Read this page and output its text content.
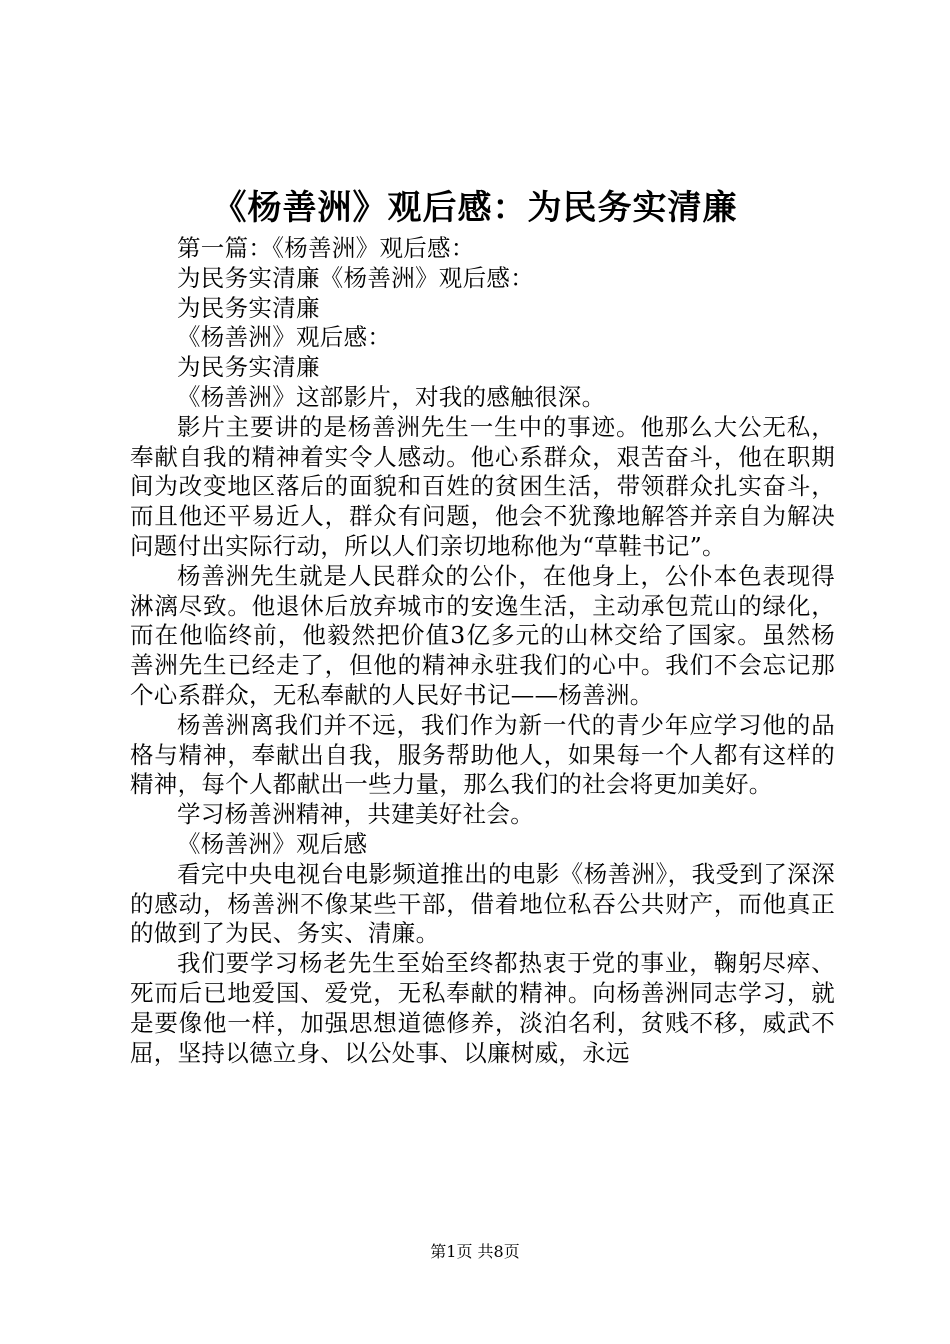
《杨善洲》观后感：为民务实清廉

第一篇：《杨善洲》观后感：

为民务实清廉《杨善洲》观后感：

为民务实清廉

《杨善洲》观后感：

为民务实清廉

《杨善洲》这部影片，对我的感触很深。

影片主要讲的是杨善洲先生一生中的事迹。他那么大公无私，奉献自我的精神着实令人感动。他心系群众，艰苦奋斗，他在职期间为改变地区落后的面貌和百姓的贫困生活，带领群众扎实奋斗，而且他还平易近人，群众有问题，他会不犹豫地解答并亲自为解决问题付出实际行动，所以人们亲切地称他为“草鞋书记”。

杨善洲先生就是人民群众的公仆，在他身上，公仆本色表现得淋漓尽致。他退休后放弃城市的安逸生活，主动承包荒山的绿化，而在他临终前，他毅然把价值3亿多元的山林交给了国家。虽然杨善洲先生已经走了，但他的精神永驻我们的心中。我们不会忘记那个心系群众，无私奉献的人民好书记——杨善洲。

杨善洲离我们并不远，我们作为新一代的青少年应学习他的品格与精神，奉献出自我，服务帮助他人，如果每一个人都有这样的精神，每个人都献出一些力量，那么我们的社会将更加美好。

学习杨善洲精神，共建美好社会。

《杨善洲》观后感

看完中央电视台电影频道推出的电影《杨善洲》，我受到了深深的感动，杨善洲不像某些干部，借着地位私吞公共财产，而他真正的做到了为民、务实、清廉。

我们要学习杨老先生至始至终都热衷于党的事业，鞠躬尽瘁、死而后已地爱国、爱党，无私奉献的精神。向杨善洲同志学习，就是要像他一样，加强思想道德修养，淡泊名利，贫贱不移，威武不屈，坚持以德立身、以公处事、以廉树威，永远

第1页 共8页
